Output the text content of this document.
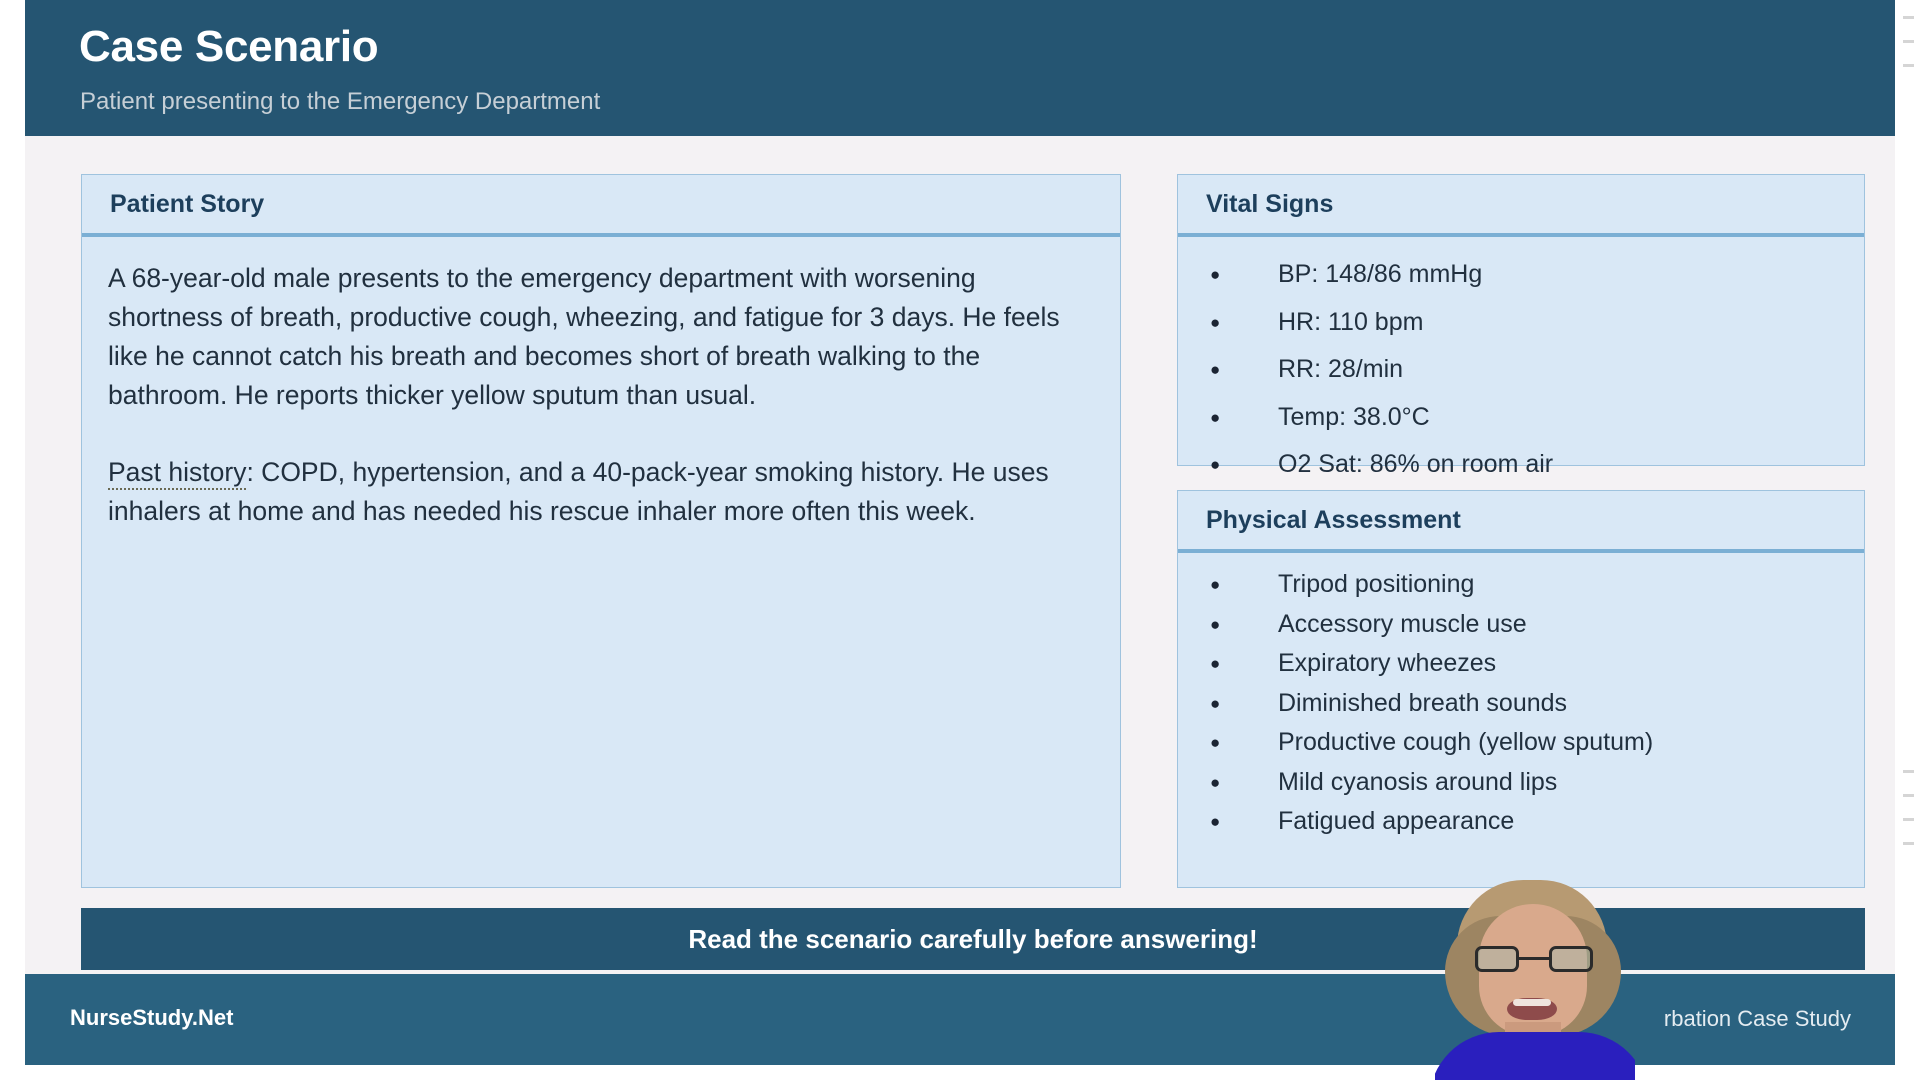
Case Scenario
Patient presenting to the Emergency Department
Patient Story

A 68-year-old male presents to the emergency department with worsening shortness of breath, productive cough, wheezing, and fatigue for 3 days. He feels like he cannot catch his breath and becomes short of breath walking to the bathroom. He reports thicker yellow sputum than usual.

Past history: COPD, hypertension, and a 40-pack-year smoking history. He uses inhalers at home and has needed his rescue inhaler more often this week.

Vital Signs
● BP: 148/86 mmHg
● HR: 110 bpm
● RR: 28/min
● Temp: 38.0°C
● O2 Sat: 86% on room air
Physical Assessment
● Tripod positioning
● Accessory muscle use
● Expiratory wheezes
● Diminished breath sounds
● Productive cough (yellow sputum)
● Mild cyanosis around lips
● Fatigued appearance
Read the scenario carefully before answering!
NurseStudy.Net	rbation Case Study
